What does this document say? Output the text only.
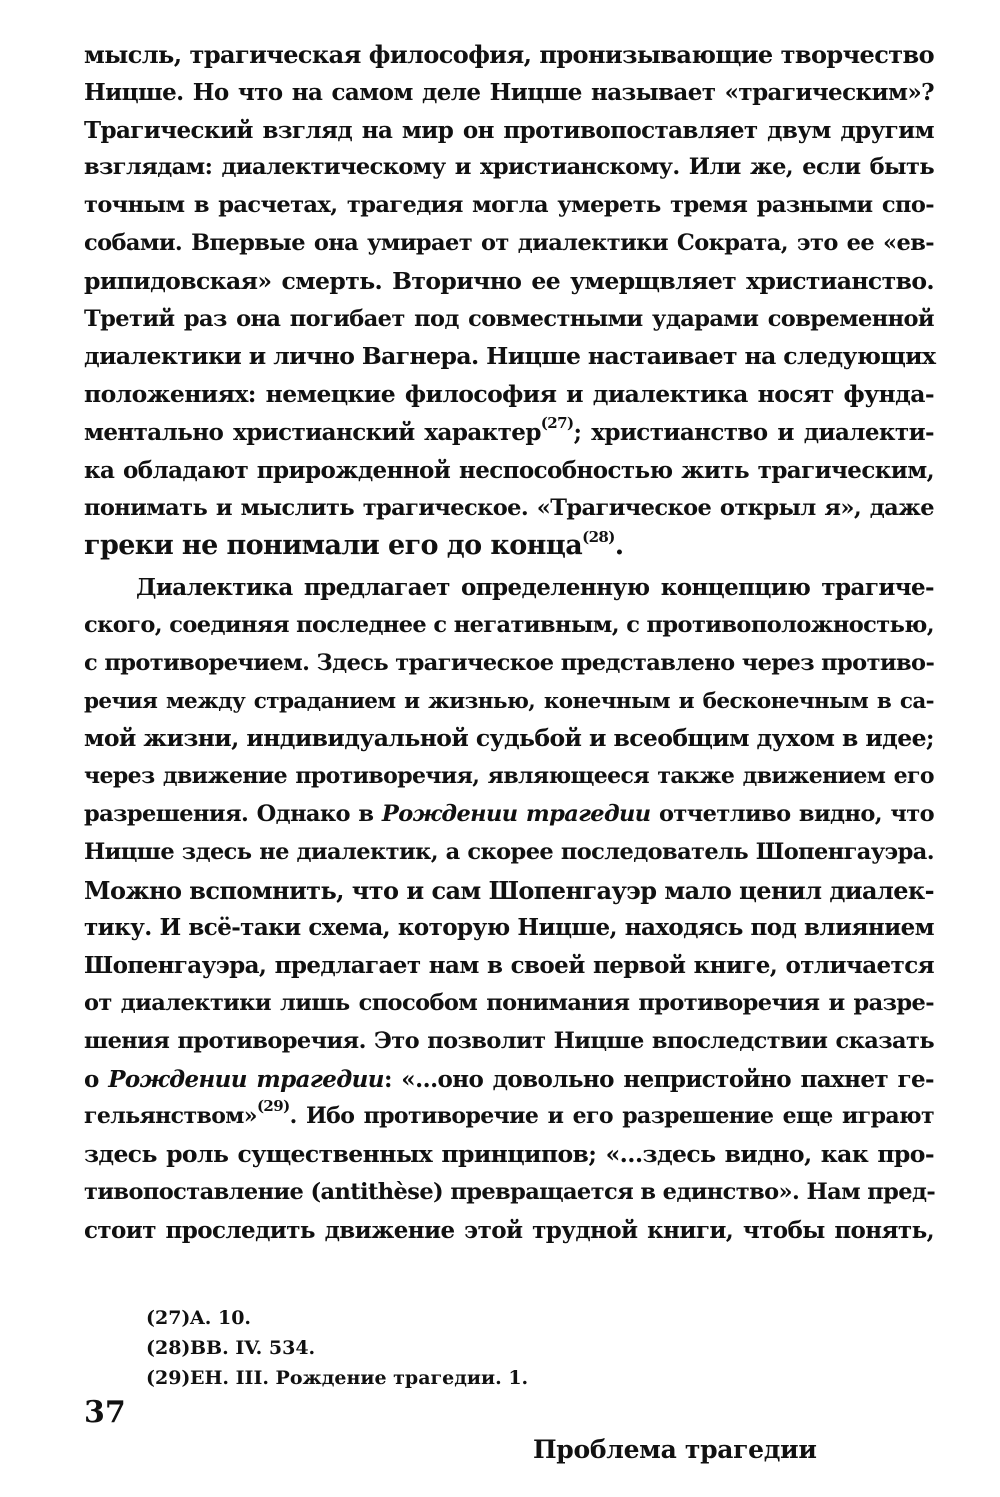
мысль, трагическая философия, пронизывающие творчество
Ницше. Но что на самом деле Ницше называет «трагическим»?
Трагический взгляд на мир он противопоставляет двум другим
взглядам: диалектическому и христианскому. Или же, если быть
точным в расчетах, трагедия могла умереть тремя разными спо-
собами. Впервые она умирает от диалектики Сократа, это ее «ев-
рипидовская» смерть. Вторично ее умерщвляет христианство.
Третий раз она погибает под совместными ударами современной
диалектики и лично Вагнера. Ницше настаивает на следующих
положениях: немецкие философия и диалектика носят фунда-
ментально христианский характер$^{(27)}$; христианство и диалекти-
ка обладают прирожденной неспособностью жить трагическим,
понимать и мыслить трагическое. «Трагическое открыл я», даже
греки не понимали его до конца$^{(28)}$.
Диалектика предлагает определенную концепцию трагиче-
ского, соединяя последнее с негативным, с противоположностью,
с противоречием. Здесь трагическое представлено через противо-
речия между страданием и жизнью, конечным и бесконечным в са-
мой жизни, индивидуальной судьбой и всеобщим духом в идее;
через движение противоречия, являющееся также движением его
разрешения. Однако в Рождении трагедии отчетливо видно, что
Ницше здесь не диалектик, а скорее последователь Шопенгауэра.
Можно вспомнить, что и сам Шопенгауэр мало ценил диалек-
тику. И всё-таки схема, которую Ницше, находясь под влиянием
Шопенгауэра, предлагает нам в своей первой книге, отличается
от диалектики лишь способом понимания противоречия и разре-
шения противоречия. Это позволит Ницше впоследствии сказать
о Рождении трагедии: «…оно довольно непристойно пахнет ге-
гельянством»$^{(29)}$. Ибо противоречие и его разрешение еще играют
здесь роль существенных принципов; «…здесь видно, как про-
тивопоставление (antithèse) превращается в единство». Нам пред-
стоит проследить движение этой трудной книги, чтобы понять,
(27)A. 10.
(28)BB. IV. 534.
(29)EH. III. Рождение трагедии. 1.
37
Проблема трагедии
